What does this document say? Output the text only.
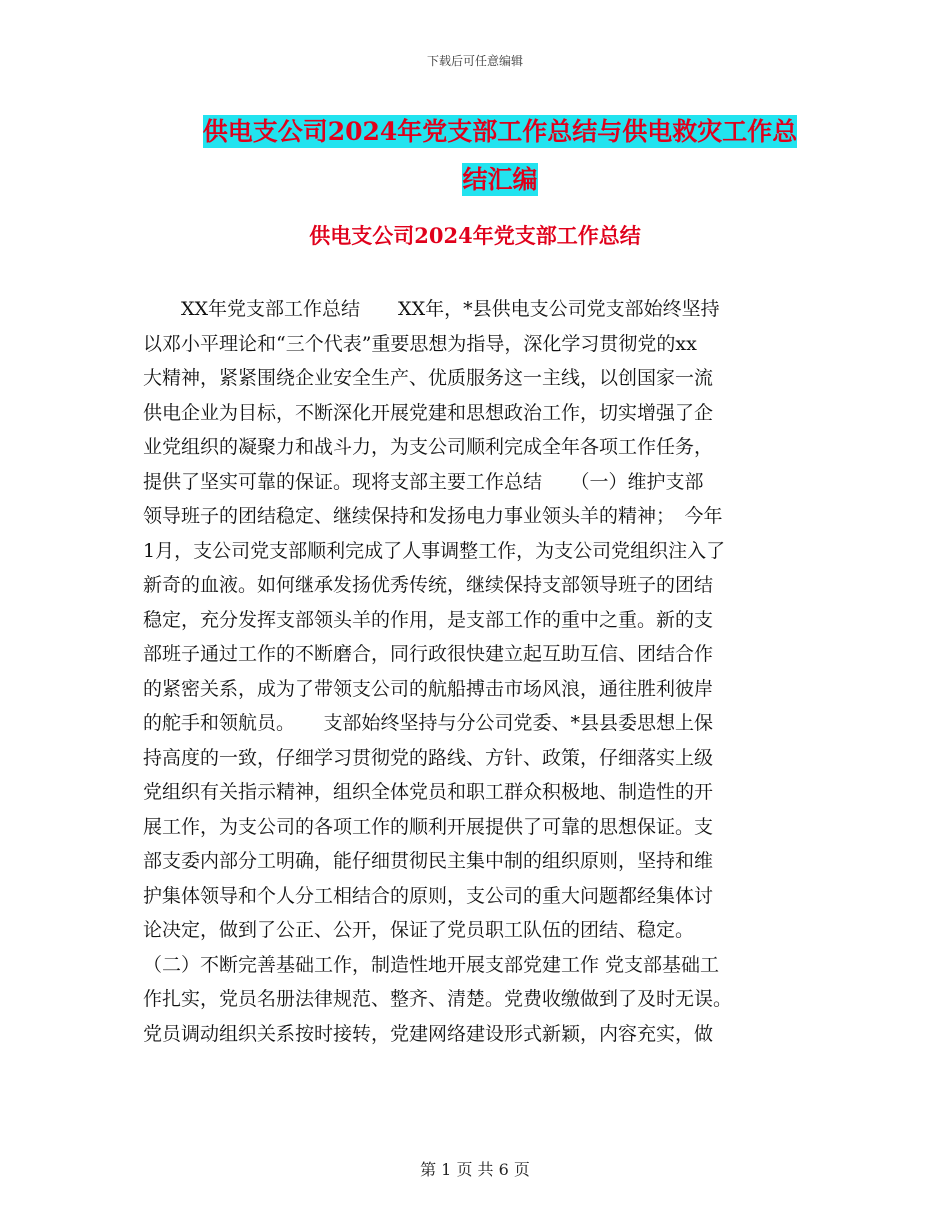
下载后可任意编辑
供电支公司2024年党支部工作总结与供电救灾工作总
结汇编
供电支公司2024年党支部工作总结
　　XX年党支部工作总结　　XX年，*县供电支公司党支部始终坚持
以邓小平理论和“三个代表”重要思想为指导，深化学习贯彻党的xx
大精神，紧紧围绕企业安全生产、优质服务这一主线，以创国家一流
供电企业为目标，不断深化开展党建和思想政治工作，切实增强了企
业党组织的凝聚力和战斗力，为支公司顺利完成全年各项工作任务，
提供了坚实可靠的保证。现将支部主要工作总结　　（一）维护支部
领导班子的团结稳定、继续保持和发扬电力事业领头羊的精神；　今年
1月，支公司党支部顺利完成了人事调整工作，为支公司党组织注入了
新奇的血液。如何继承发扬优秀传统，继续保持支部领导班子的团结
稳定，充分发挥支部领头羊的作用，是支部工作的重中之重。新的支
部班子通过工作的不断磨合，同行政很快建立起互助互信、团结合作
的紧密关系，成为了带领支公司的航船搏击市场风浪，通往胜利彼岸
的舵手和领航员。　　支部始终坚持与分公司党委、*县县委思想上保
持高度的一致，仔细学习贯彻党的路线、方针、政策，仔细落实上级
党组织有关指示精神，组织全体党员和职工群众积极地、制造性的开
展工作，为支公司的各项工作的顺利开展提供了可靠的思想保证。支
部支委内部分工明确，能仔细贯彻民主集中制的组织原则，坚持和维
护集体领导和个人分工相结合的原则，支公司的重大问题都经集体讨
论决定，做到了公正、公开，保证了党员职工队伍的团结、稳定。
（二）不断完善基础工作，制造性地开展支部党建工作 党支部基础工
作扎实，党员名册法律规范、整齐、清楚。党费收缴做到了及时无误。
党员调动组织关系按时接转，党建网络建设形式新颖，内容充实，做
第 1 页 共 6 页
